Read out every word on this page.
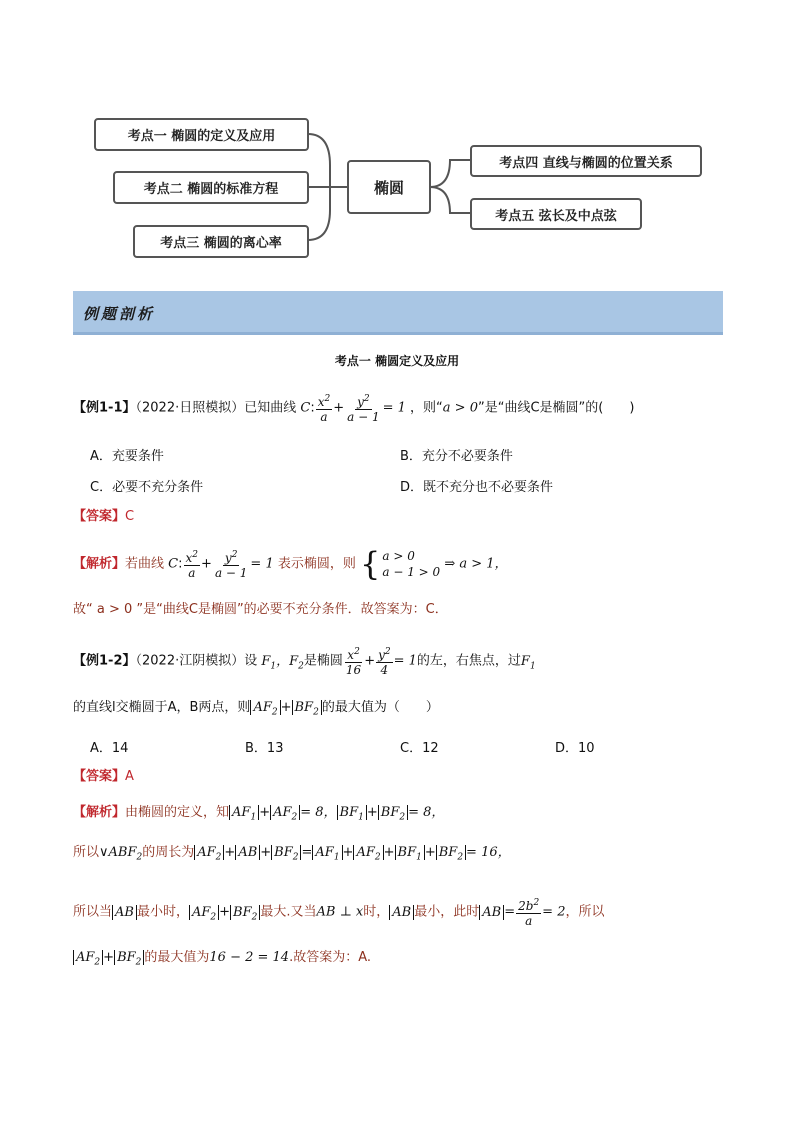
考点一 椭圆的定义及应用
考点二 椭圆的标准方程
考点三 椭圆的离心率
椭圆
考点四 直线与椭圆的位置关系
考点五 弦长及中点弦
例题剖析
考点一 椭圆定义及应用
【例1-1】（2022·日照模拟）已知曲线 C: $\frac{x^2}{a} + \frac{y^2}{a - 1} = 1$ ，则“a > 0”是“曲线C是椭圆”的(　　)
A．充要条件	B．充分不必要条件
C．必要不充分条件	D．既不充分也不必要条件
【答案】C
【解析】若曲线 C: $\frac{x^2}{a} + \frac{y^2}{a - 1} = 1$ 表示椭圆，则 { a > 0
a − 1 > 0
⇒ a > 1，
故“ a > 0 ”是“曲线C是椭圆”的必要不充分条件．故答案为：C．
【例1-2】（2022·江阴模拟）设 $F_1$，$F_2$是椭圆 $\frac{x^2}{16} + \frac{y^2}{4} = 1$的左，右焦点，过$F_1$
的直线l交椭圆于A，B两点，则 $AF_2 + BF_2$ 的最大值为（　　）
A．14	B．13	C．12	D．10
【答案】A
【解析】由椭圆的定义，知 $AF_1 + AF_2 = 8$， $BF_1 + BF_2 = 8$，
所以$\vee ABF_2$的周长为 $AF_2$ + AB + $BF_2 = AF_1 + AF_2 + BF_1 + BF_2 = 16$，
所以当 AB 最小时， $AF_2 + BF_2$ 最大.又当AB ⊥ x时， AB 最小，此时 AB = $\frac{2b^2}{a} = 2$，所以
$AF_2 + BF_2$ 的最大值为16 − 2 = 14.故答案为：A.
